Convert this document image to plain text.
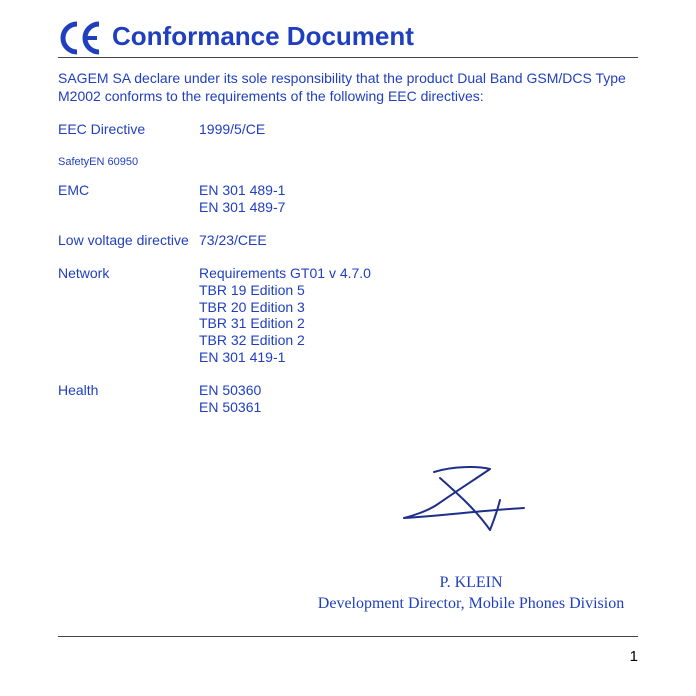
Conformance Document

SAGEM SA declare under its sole responsibility that the product Dual Band GSM/DCS Type M2002 conforms to the requirements of the following EEC directives:

EEC Directive	1999/5/CE
SafetyEN 60950
EMC	EN 301 489-1
EN 301 489-7
Low voltage directive 73/23/CEE
Network	Requirements GT01 v 4.7.0
TBR 19 Edition 5
TBR 20 Edition 3
TBR 31 Edition 2
TBR 32 Edition 2
EN 301 419-1
Health	EN 50360
EN 50361
P. KLEIN
Development Director, Mobile Phones Division
1
